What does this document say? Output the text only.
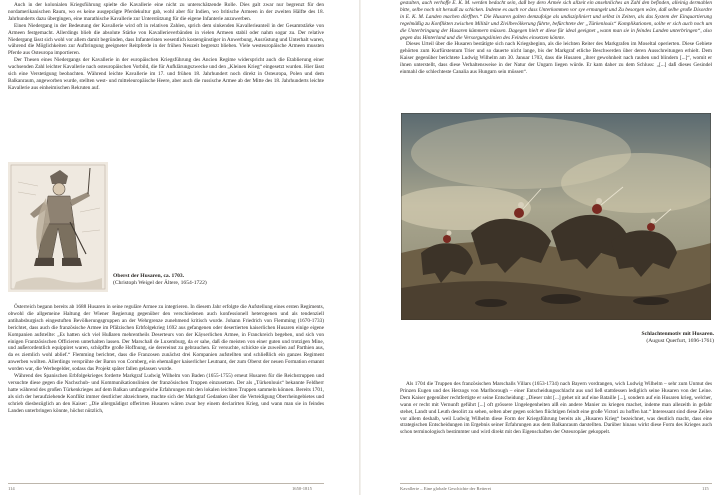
Auch in der kolonialen Kriegsführung spielte die Kavallerie eine nicht zu unterschätzende Rolle. Dies galt zwar nur begrenzt für den nordamerikanischen Raum, wo es keine ausgeprägte Pferdekultur gab, wohl aber für Indien, wo britische Armeen in der zweiten Hälfte des 18. Jahrhunderts dazu übergingen, eine marathische Kavallerie zur Unterstützung für die eigene Infanterie anzuwerben.

Einen Niedergang in der Bedeutung der Kavallerie wird oft in relativen Zahlen, sprich dem sinkenden Kavallerieanteil in der Gesamtstärke von Armeen festgemacht. Allerdings blieb die absolute Stärke von Kavallerieverbänden in vielen Armeen stabil oder nahm sogar zu. Der relative Niedergang lässt sich wohl vor allem damit begründen, dass Infanteristen wesentlich kostengünstiger in Anwerbung, Ausrüstung und Unterhalt waren, während die Möglichkeiten zur Aufbringung geeigneter Reitpferde in der frühen Neuzeit begrenzt blieben. Viele westeuropäische Armeen mussten Pferde aus Osteuropa importieren.

Der Thesen eines Niedergangs der Kavallerie in der europäischen Kriegsführung des Ancien Regime widerspricht auch die Etablierung einer wachsenden Zahl leichter Kavallerie nach osteuropäischen Vorbild, die für Aufklärungszwecke und den „Kleinen Krieg“ eingesetzt wurden. Hier lässt sich eine Verstetigung beobachten. Während leichte Kavallerie im 17. und frühen 18. Jahrhundert noch direkt in Osteuropa, Polen und dem Balkanraum, angeworben wurde, stellten west- und mitteleuropäische Heere, aber auch die russische Armee ab der Mitte des 18. Jahrhunderts leichte Kavallerie aus einheimischen Rekruten auf.

Oberst der Husaren, ca. 1703.
(Christoph Weigel der Ältere, 1654-1722)

Österreich begann bereits ab 1688 Husaren in seine reguläre Armee zu integrieren. In diesem Jahr erfolgte die Aufstellung eines ersten Regiments, obwohl die allgemeine Haltung der Wiener Regierung gegenüber den verschiedenen auch konfessionell heterogenen und als tendenziell antihabsburgisch eingestuften Bevölkerungsgruppen an der Wehrgrenze zunehmend kritisch wurde. Johann Friedrich von Flemming (1670-1733) berichtet, dass auch die französische Armee im Pfälzischen Erbfolgekrieg 1692 aus gefangenen oder desertierten kaiserlichen Husaren einige eigene Kompanien aufstellte: „Es hatten sich viel Hußaren mehrentheils Deserteurs von der Käyserlichen Armee, in Franckreich begeben, und sich von einigen Frantzösischen Officieren unterhalten lassen. Der Marschall de Luxemburg, da er sahe, daß die meisten von einer guten und trotzigen Mine, und außerordentlich equippiret waren, schöpffte große Hoffnung, sie derereinst zu gebrauchen. Er versuchte, schickte sie zuweilen auf Parthien aus, da es ziemlich wohl ablief.“ Flemming berichtet, dass die Franzosen zunächst drei Kompanien aufstellten und schließlich ein ganzes Regiment anwerben wollten. Allerdings versprühte der Baron von Cornberg, ein ehemaliger kaiserlicher Leutnant, der zum Oberst der neuen Formation ernannt worden war, die Werbegelder, sodass das Projekt später fallen gelassen wurde.

Während des Spanischen Erbfolgekrieges forderte Markgraf Ludwig Wilhelm von Baden (1655-1755) erneut Husaren für die Reichstruppen und versuchte diese gegen die Nachschub- und Kommunikationslinien der französischen Truppen einzusetzen. Der als „Türkenlouis“ bekannte Feldherr hatte während des großen Türkenkrieges auf dem Balkan umfangreiche Erfahrungen mit den lokalen leichten Truppen sammeln können. Bereits 1701, als sich der heraufziehende Konflikt immer deutlicher abzeichnete, machte sich der Markgraf Gedanken über die Verteidigung Oberrheingebietes und schrieb diesbezüglich an den Kaiser: „Die allergnädigst offerirten Husaren wären zwar bey einem declarirten Krieg, und wann man sie in feindes Landen unterbringen könnte, höchst nützlich,

114	1650-1815

gestalten, auch verhoffe E. K. M. werden bedacht sein, daß bey dero Armée sich allzeit ein ansehnliches an Zahl den befinden, alleinig dermahlen bitte, selbe noch nit herauß zu schicken. Indeme es auch vor dass Unterkommen vor sye ermangelt und Zu besorgen wäre, daß selbe große Disordre in E. K. M. Landen machen dörfften.“ Die Husaren galten demzufolge als undiszipliniert und selbst in Zeiten, als das System der Einquartierung regelmäßig zu Konflikten zwischen Militär und Zivilbevölkerung führte, befürchtete der „Türkenlouis“ Komplikationen, sollte er sich auch noch um die Unterbringung der Husaren kümmern müssen. Dagegen hielt er diese für ideal geeignet „wann man sie in feindes Landen unterbringen“, also gegen das Hinterland und die Versorgungslinien des Feindes einsetzen könnte.

Dieses Urteil über die Husaren bestätigte sich nach Kriegsbeginn, als die leichten Reiter des Markgrafen im Moseltal operierten. Diese Gebiete gehörten zum Kurfürstentum Trier und so dauerte nicht lange, bis der Markgraf etliche Beschwerden über deren Ausschreitungen erhielt. Dem Kaiser gegenüber berichtete Ludwig Wilhelm am 30. Januar 1703, dass die Husaren „ihrer gewohnheit nach rauben und blindern [...]“, womit er ihnen unterstellt, dass diese Verhaltensweise in der Natur der Ungarn liegen würde. Er kam daher zu dem Schluss: „[...] daß dieses Gesindel einmahl die schlechteste Canalia aus Hungarn sein müssen“.

Schlachtenmotiv mit Husaren.
(August Querfurt, 1696-1761)

Als 1704 die Truppen des französischen Marschalls Villars (1653-1734) nach Bayern vordrangen, wich Ludwig Wilhelm – sehr zum Unmut des Prinzen Eugen und des Herzogs von Marlborough – einer Entscheidungsschlacht aus und ließ stattdessen lediglich seine Husaren von der Leine. Dem Kaiser gegenüber rechtfertigte er seine Entscheidung: „Dieser raht [...] gehet nit auf eine Bataille [...], sondern auf ein Husaren krieg, welcher, wann er recht mit Vernunft geführt [...] oft grössere Ungelegenheiten alß ein andere Manier zu kriegen machet, indeme man allezeith in gefahr stehet, Landt und Leuth desolirt zu sehen, selten aber gegen solchen flüchtigen feindt eine große Victori zu hoffen hat.“ Interessant sind diese Zeilen vor allem deshalb, weil Ludwig Wilhelm diese Form der Kriegsführung bereits als „Husaren Krieg“ bezeichnet, was deutlich macht, dass eine strategischen Entscheidungen im Ergebnis seiner Erfahrungen aus dem Balkanraum darstellten. Darüber hinaus wirkt diese Form des Krieges auch schon terminologisch bestimmter und wird direkt mit den Eigenschaften der Osteuropäer gekoppelt.

Kavallerie – Eine globale Geschichte der Reiterei	115
